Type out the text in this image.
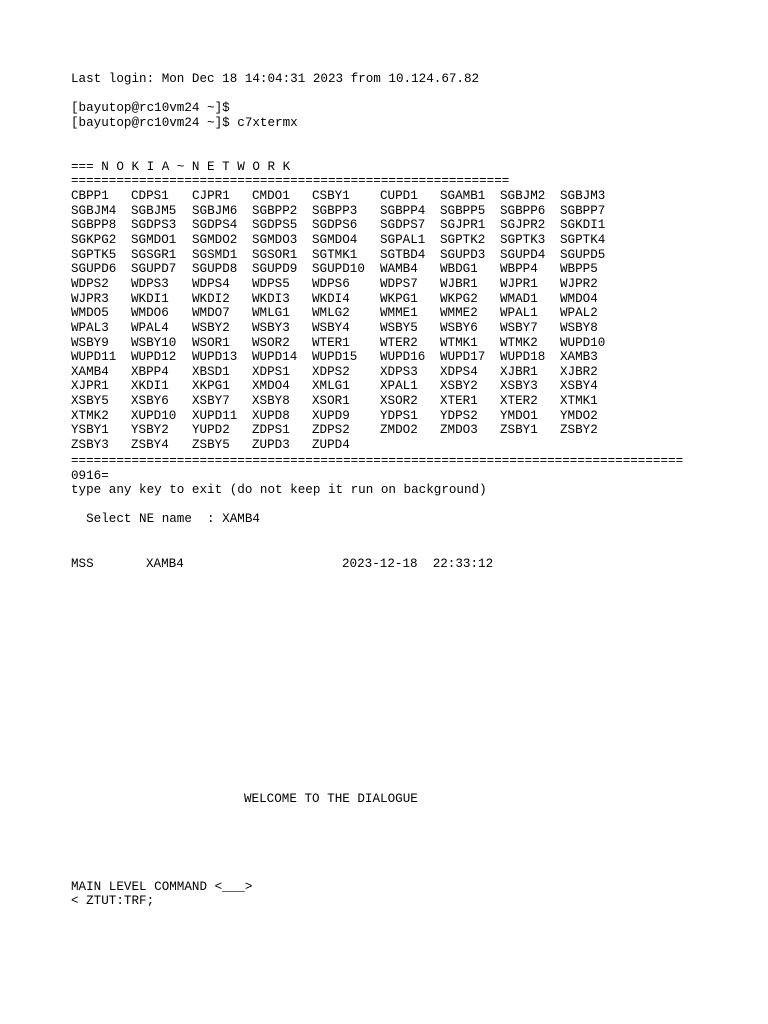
Last login: Mon Dec 18 14:04:31 2023 from 10.124.67.82
[bayutop@rc10vm24 ~]$
[bayutop@rc10vm24 ~]$ c7xtermx
=== N O K I A ~ N E T W O R K
==========================================================
CBPP1 CDPS1 CJPR1 CMDO1 CSBY1 CUPD1 SGAMB1 SGBJM2 SGBJM3
SGBJM4 SGBJM5 SGBJM6 SGBPP2 SGBPP3 SGBPP4 SGBPP5 SGBPP6 SGBPP7
SGBPP8 SGDPS3 SGDPS4 SGDPS5 SGDPS6 SGDPS7 SGJPR1 SGJPR2 SGKDI1
SGKPG2 SGMDO1 SGMDO2 SGMDO3 SGMDO4 SGPAL1 SGPTK2 SGPTK3 SGPTK4
SGPTK5 SGSGR1 SGSMD1 SGSOR1 SGTMK1 SGTBD4 SGUPD3 SGUPD4 SGUPD5
SGUPD6 SGUPD7 SGUPD8 SGUPD9 SGUPD10 WAMB4 WBDG1 WBPP4 WBPP5
WDPS2 WDPS3 WDPS4 WDPS5 WDPS6 WDPS7 WJBR1 WJPR1 WJPR2
WJPR3 WKDI1 WKDI2 WKDI3 WKDI4 WKPG1 WKPG2 WMAD1 WMDO4
WMDO5 WMDO6 WMDO7 WMLG1 WMLG2 WMME1 WMME2 WPAL1 WPAL2
WPAL3 WPAL4 WSBY2 WSBY3 WSBY4 WSBY5 WSBY6 WSBY7 WSBY8
WSBY9 WSBY10 WSOR1 WSOR2 WTER1 WTER2 WTMK1 WTMK2 WUPD10
WUPD11 WUPD12 WUPD13 WUPD14 WUPD15 WUPD16 WUPD17 WUPD18 XAMB3
XAMB4 XBPP4 XBSD1 XDPS1 XDPS2 XDPS3 XDPS4 XJBR1 XJBR2
XJPR1 XKDI1 XKPG1 XMDO4 XMLG1 XPAL1 XSBY2 XSBY3 XSBY4
XSBY5 XSBY6 XSBY7 XSBY8 XSOR1 XSOR2 XTER1 XTER2 XTMK1
XTMK2 XUPD10 XUPD11 XUPD8 XUPD9 YDPS1 YDPS2 YMDO1 YMDO2
YSBY1 YSBY2 YUPD2 ZDPS1 ZDPS2 ZMDO2 ZMDO3 ZSBY1 ZSBY2
ZSBY3 ZSBY4 ZSBY5 ZUPD3 ZUPD4
=================================================================================
0916=
type any key to exit (do not keep it run on background)
Select NE name  : XAMB4
MSS	XAMB4	2023-12-18  22:33:12
WELCOME TO THE DIALOGUE
MAIN LEVEL COMMAND <___>
< ZTUT:TRF;
